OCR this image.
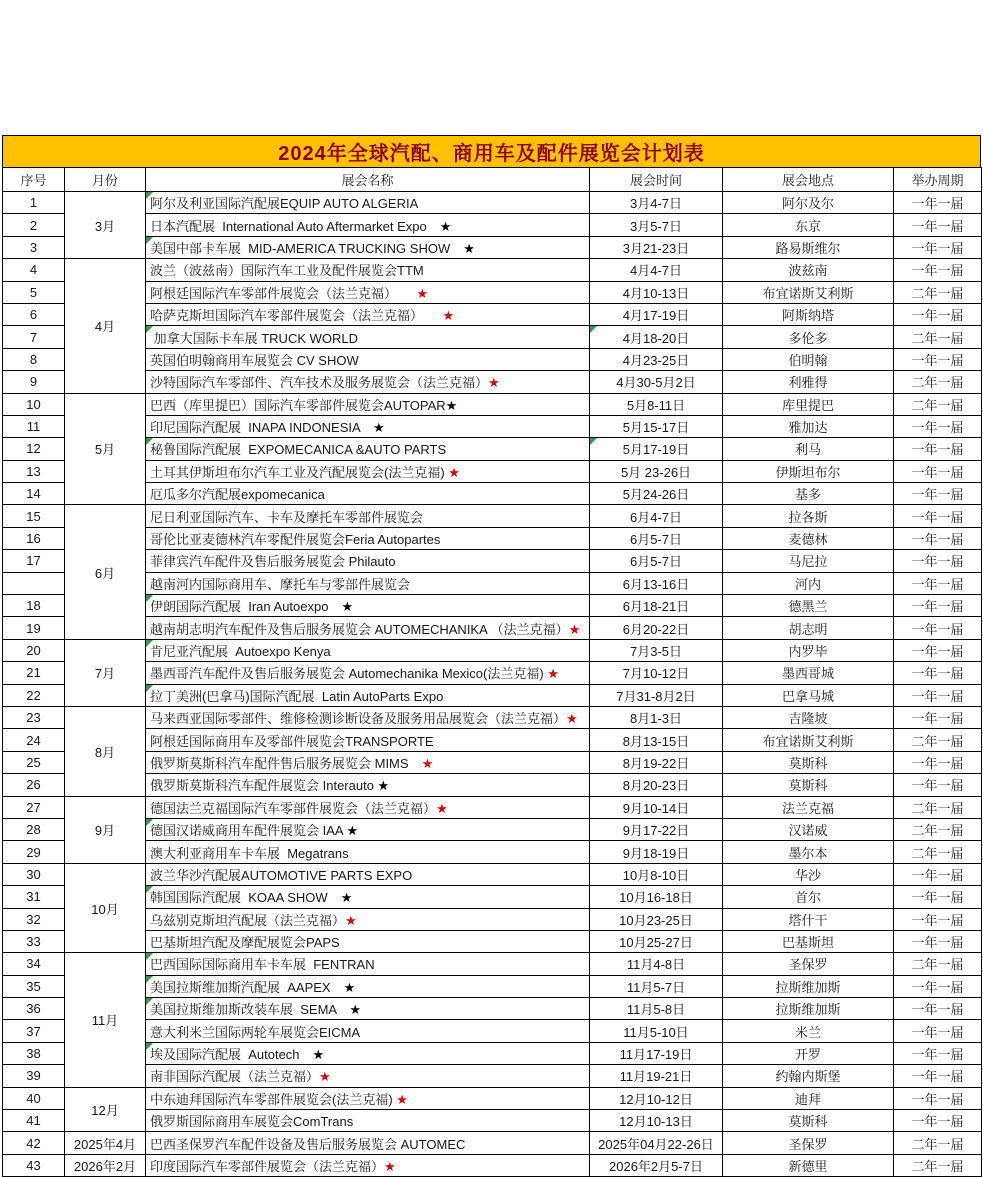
2024年全球汽配、商用车及配件展览会计划表
序号	月份	展会名称	展会时间	展会地点	举办周期
1	3月	阿尔及利亚国际汽配展EQUIP AUTO ALGERIA	3月4-7日	阿尔及尔	一年一届
2		日本汽配展  International Auto Aftermarket Expo　★	3月5-7日	东京	一年一届
3		美国中部卡车展  MID-AMERICA TRUCKING SHOW　★	3月21-23日	路易斯维尔	一年一届
4	4月	波兰（波兹南）国际汽车工业及配件展览会TTM	4月4-7日	波兹南	一年一届
5		阿根廷国际汽车零部件展览会（法兰克福）　　★	4月10-13日	布宜诺斯艾利斯	二年一届
6		哈萨克斯坦国际汽车零部件展览会（法兰克福）　　★	4月17-19日	阿斯纳塔	一年一届
7		加拿大国际卡车展 TRUCK WORLD	4月18-20日	多伦多	二年一届
8		英国伯明翰商用车展览会 CV SHOW	4月23-25日	伯明翰	一年一届
9		沙特国际汽车零部件、汽车技术及服务展览会（法兰克福）★	4月30-5月2日	利雅得	二年一届
10	5月	巴西（库里提巴）国际汽车零部件展览会AUTOPAR★	5月8-11日	库里提巴	二年一届
11		印尼国际汽配展  INAPA INDONESIA　★	5月15-17日	雅加达	一年一届
12		秘鲁国际汽配展  EXPOMECANICA &AUTO PARTS	5月17-19日	利马	一年一届
13		土耳其伊斯坦布尔汽车工业及汽配展览会(法兰克福) ★	5月 23-26日	伊斯坦布尔	一年一届
14		厄瓜多尔汽配展expomecanica	5月24-26日	基多	一年一届
15	6月	尼日利亚国际汽车、卡车及摩托车零部件展览会	6月4-7日	拉各斯	一年一届
16		哥伦比亚麦德林汽车零配件展览会Feria Autopartes	6月5-7日	麦德林	一年一届
17		菲律宾汽车配件及售后服务展览会 Philauto	6月5-7日	马尼拉	一年一届
		越南河内国际商用车、摩托车与零部件展览会	6月13-16日	河内	一年一届
18		伊朗国际汽配展  Iran Autoexpo　★	6月18-21日	德黑兰	一年一届
19		越南胡志明汽车配件及售后服务展览会 AUTOMECHANIKA （法兰克福）★	6月20-22日	胡志明	一年一届
20	7月	肯尼亚汽配展  Autoexpo Kenya	7月3-5日	内罗毕	一年一届
21		墨西哥汽车配件及售后服务展览会 Automechanika Mexico(法兰克福) ★	7月10-12日	墨西哥城	一年一届
22		拉丁美洲(巴拿马)国际汽配展  Latin AutoParts Expo	7月31-8月2日	巴拿马城	一年一届
23	8月	马来西亚国际零部件、维修检测诊断设备及服务用品展览会（法兰克福）★	8月1-3日	吉隆坡	一年一届
24		阿根廷国际商用车及零部件展览会TRANSPORTE	8月13-15日	布宜诺斯艾利斯	二年一届
25		俄罗斯莫斯科汽车配件售后服务展览会 MIMS　★	8月19-22日	莫斯科	一年一届
26		俄罗斯莫斯科汽车配件展览会 Interauto ★	8月20-23日	莫斯科	一年一届
27	9月	德国法兰克福国际汽车零部件展览会（法兰克福）★	9月10-14日	法兰克福	二年一届
28		德国汉诺威商用车配件展览会 IAA ★	9月17-22日	汉诺威	二年一届
29		澳大利亚商用车卡车展  Megatrans	9月18-19日	墨尔本	二年一届
30	10月	波兰华沙汽配展AUTOMOTIVE PARTS EXPO	10月8-10日	华沙	一年一届
31		韩国国际汽配展  KOAA SHOW　★	10月16-18日	首尔	一年一届
32		乌兹别克斯坦汽配展（法兰克福）★	10月23-25日	塔什干	一年一届
33		巴基斯坦汽配及摩配展览会PAPS	10月25-27日	巴基斯坦	一年一届
34	11月	巴西国际国际商用车卡车展  FENTRAN	11月4-8日	圣保罗	二年一届
35		美国拉斯维加斯汽配展  AAPEX　★	11月5-7日	拉斯维加斯	一年一届
36		美国拉斯维加斯改装车展  SEMA　★	11月5-8日	拉斯维加斯	一年一届
37		意大利米兰国际两轮车展览会EICMA	11月5-10日	米兰	一年一届
38		埃及国际汽配展  Autotech　★	11月17-19日	开罗	一年一届
39		南非国际汽配展（法兰克福）★	11月19-21日	约翰内斯堡	一年一届
40	12月	中东迪拜国际汽车零部件展览会(法兰克福) ★	12月10-12日	迪拜	一年一届
41		俄罗斯国际商用车展览会ComTrans	12月10-13日	莫斯科	一年一届
42	2025年4月	巴西圣保罗汽车配件设备及售后服务展览会 AUTOMEC	2025年04月22-26日	圣保罗	二年一届
43	2026年2月	印度国际汽车零部件展览会（法兰克福）★	2026年2月5-7日	新德里	二年一届
